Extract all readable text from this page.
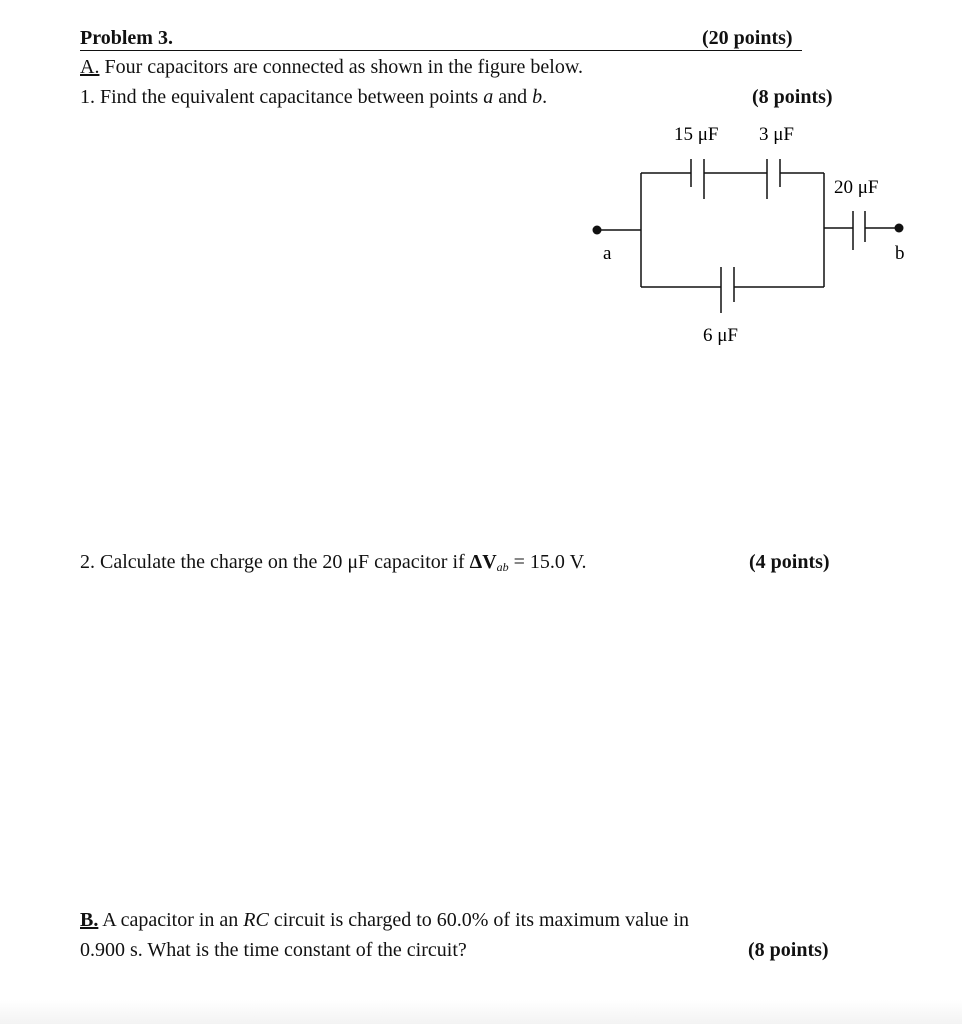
Problem 3.	(20 points)
A. Four capacitors are connected as shown in the figure below.
1. Find the equivalent capacitance between points a and b.	(8 points)
15 μF 3 μF
20 μF
6 μF
a	b
2. Calculate the charge on the 20 μF capacitor if $\Delta V_{ab} = 15.0$ V.	(4 points)
B. A capacitor in an RC circuit is charged to 60.0% of its maximum value in
0.900 s. What is the time constant of the circuit?	(8 points)
